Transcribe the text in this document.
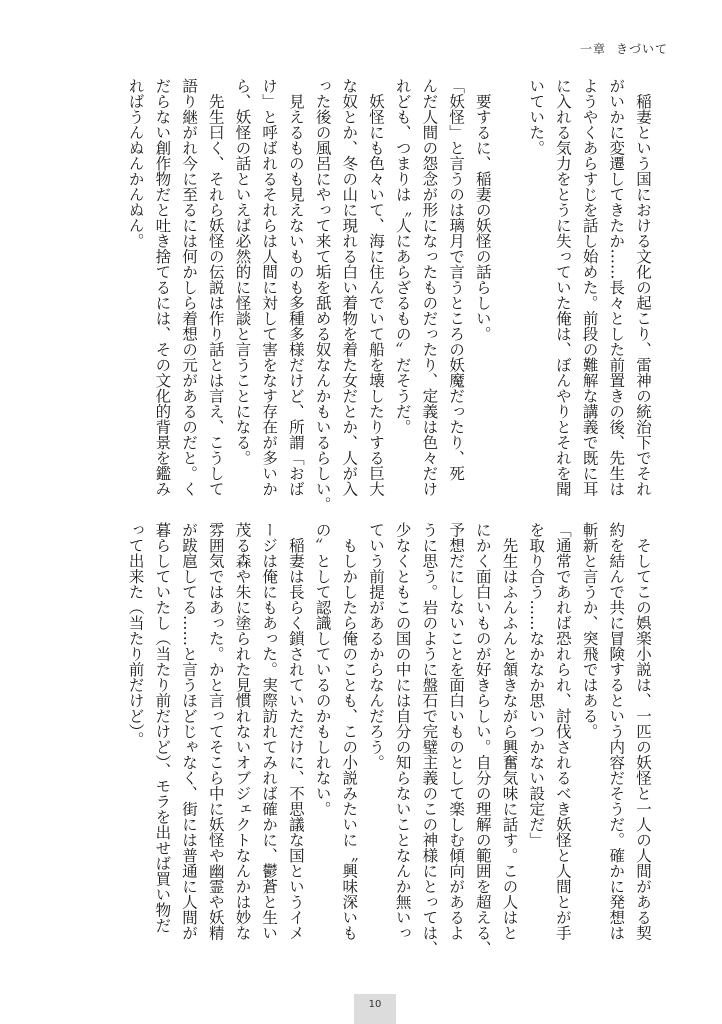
一章 きづいて
　稲妻という国における文化の起こり、雷神の統治下でそれ
がいかに変遷してきたか……長々とした前置きの後、先生は
ようやくあらすじを話し始めた。前段の難解な講義で既に耳
に入れる気力をとうに失っていた俺は、ぼんやりとそれを聞
いていた。
　要するに、稲妻の妖怪の話らしい。
「妖怪」と言うのは璃月で言うところの妖魔だったり、死
んだ人間の怨念が形になったものだったり、定義は色々だけ
れども、つまりは〝人にあらざるもの〟だそうだ。
　妖怪にも色々いて、海に住んでいて船を壊したりする巨大
な奴とか、冬の山に現れる白い着物を着た女だとか、人が入
った後の風呂にやって来て垢を舐める奴なんかもいるらしい。
　見えるものも見えないものも多種多様だけど、所謂「おば
け」と呼ばれるそれらは人間に対して害をなす存在が多いか
ら、妖怪の話といえば必然的に怪談と言うことになる。
　先生曰く、それら妖怪の伝説は作り話とは言え、こうして
語り継がれ今に至るには何かしら着想の元があるのだと。く
だらない創作物だと吐き捨てるには、その文化的背景を鑑み
ればうんぬんかんぬん。
　そしてこの娯楽小説は、一匹の妖怪と一人の人間がある契
約を結んで共に冒険するという内容だそうだ。確かに発想は
斬新と言うか、突飛ではある。
「通常であれば恐れられ、討伐されるべき妖怪と人間とが手
を取り合う……なかなか思いつかない設定だ」
　先生はふんふんと頷きながら興奮気味に話す。この人はと
にかく面白いものが好きらしい。自分の理解の範囲を超える、
予想だにしないことを面白いものとして楽しむ傾向があるよ
うに思う。岩のように盤石で完璧主義のこの神様にとっては、
少なくともこの国の中には自分の知らないことなんか無いっ
ていう前提があるからなんだろう。
　もしかしたら俺のことも、この小説みたいに〝興味深いも
の〟として認識しているのかもしれない。
　稲妻は長らく鎖されていただけに、不思議な国というイメ
ージは俺にもあった。実際訪れてみれば確かに、鬱蒼と生い
茂る森や朱に塗られた見慣れないオブジェクトなんかは妙な
雰囲気ではあった。かと言ってそこら中に妖怪や幽霊や妖精
が跋扈してる……と言うほどじゃなく、街には普通に人間が
暮らしていたし（当たり前だけど）、モラを出せば買い物だ
って出来た（当たり前だけど）。
10
